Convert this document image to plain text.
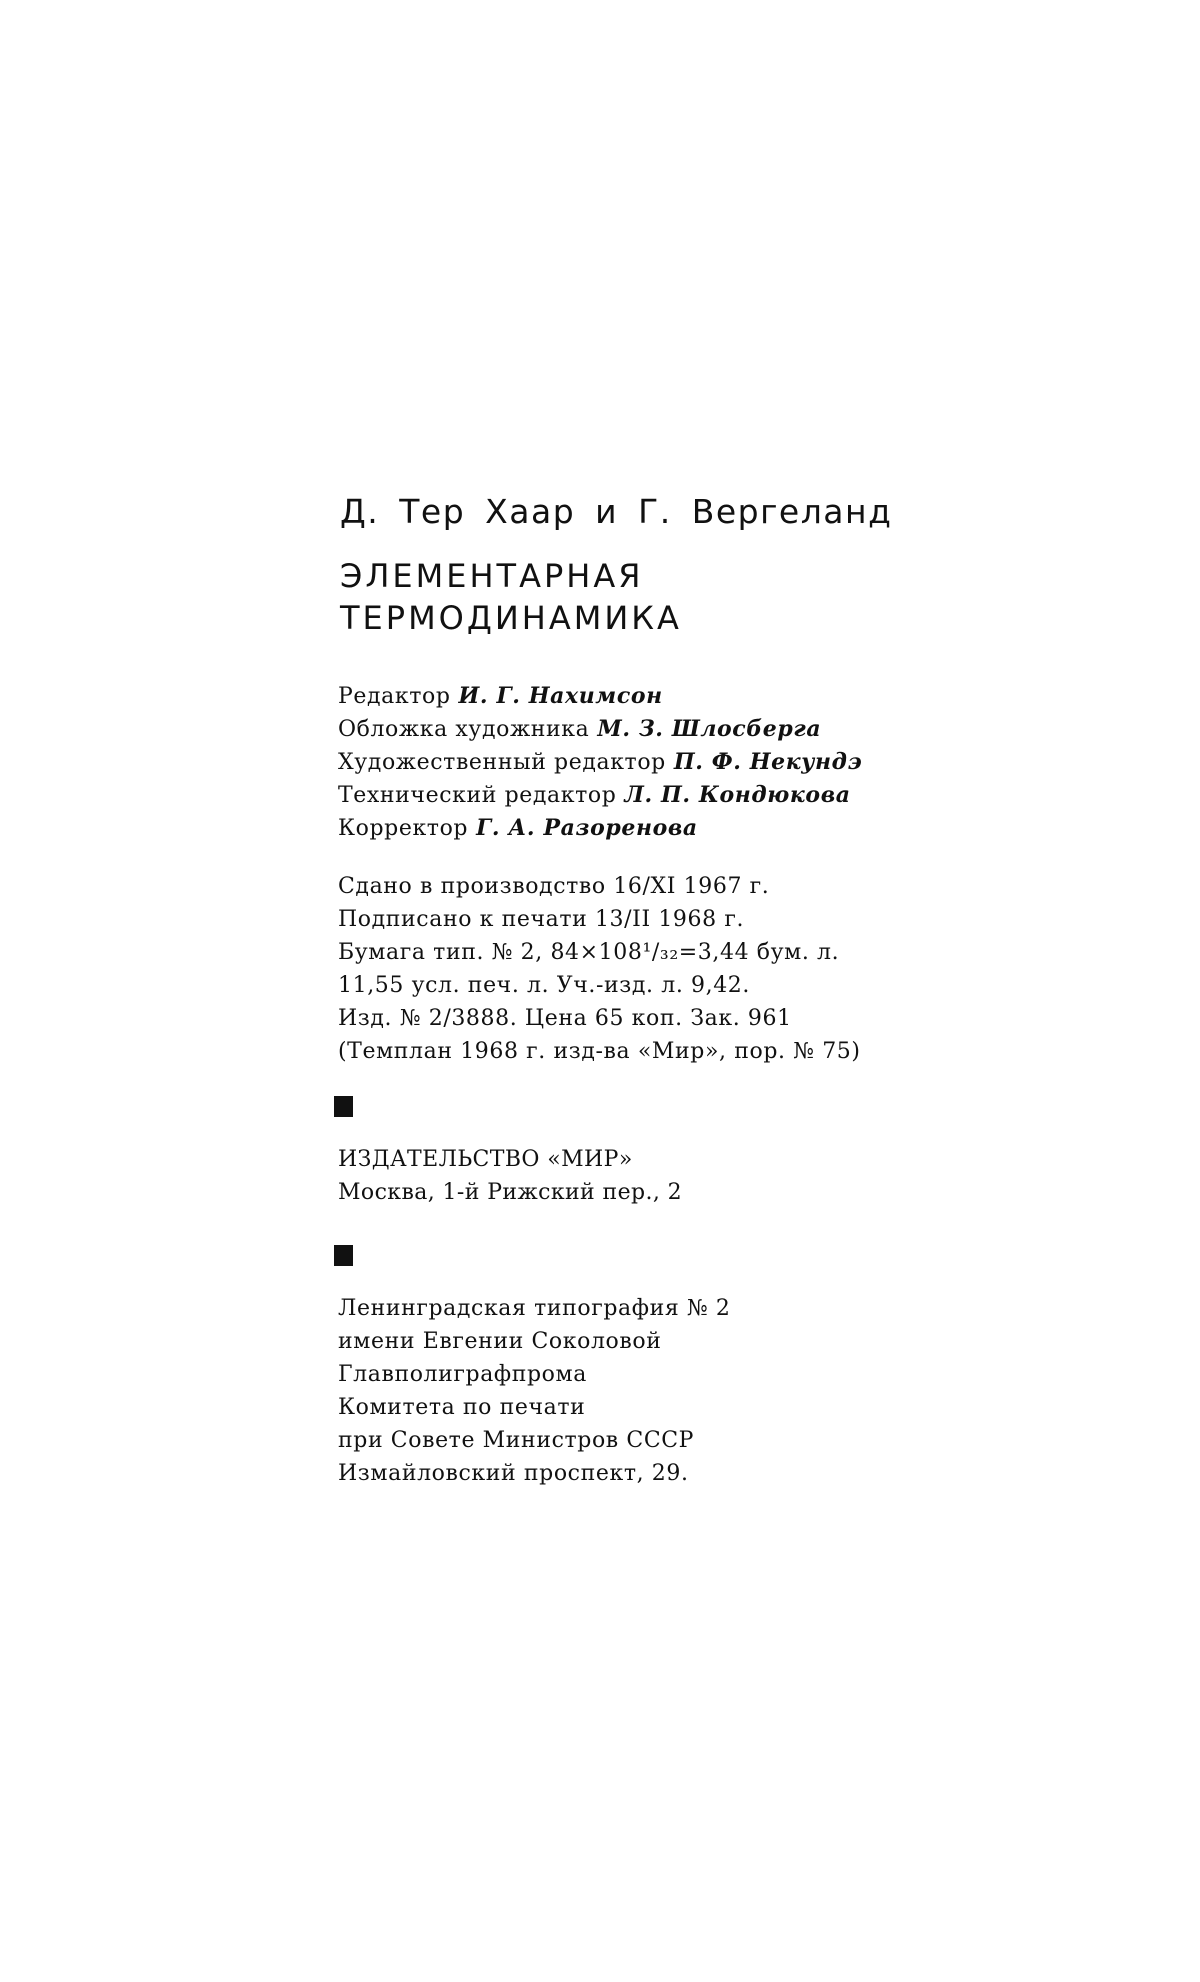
Д. Тер Хаар и Г. Вергеланд
ЭЛЕМЕНТАРНАЯ
ТЕРМОДИНАМИКА
Редактор И. Г. Нахимсон
Обложка художника М. З. Шлосберга
Художественный редактор П. Ф. Некундэ
Технический редактор Л. П. Кондюкова
Корректор Г. А. Разоренова
Сдано в производство 16/XI 1967 г.
Подписано к печати 13/II 1968 г.
Бумага тип. № 2, 84×108¹/₃₂=3,44 бум. л.
11,55 усл. печ. л. Уч.-изд. л. 9,42.
Изд. № 2/3888. Цена 65 коп. Зак. 961
(Темплан 1968 г. изд-ва «Мир», пор. № 75)
ИЗДАТЕЛЬСТВО «МИР»
Москва, 1-й Рижский пер., 2
Ленинградская типография № 2
имени Евгении Соколовой
Главполиграфпрома
Комитета по печати
при Совете Министров СССР
Измайловский проспект, 29.
